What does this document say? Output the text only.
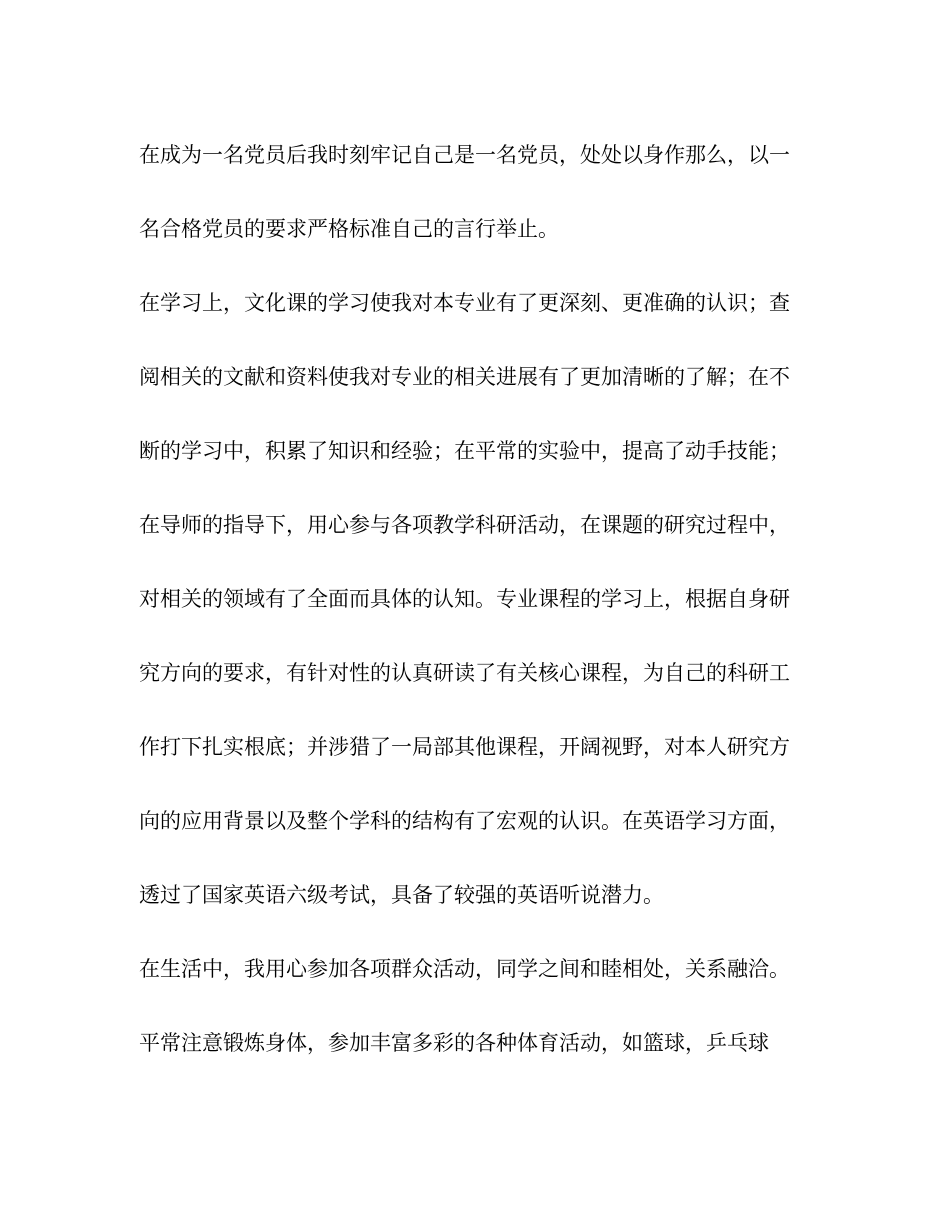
在成为一名党员后我时刻牢记自己是一名党员，处处以身作那么，以一
名合格党员的要求严格标准自己的言行举止。
在学习上，文化课的学习使我对本专业有了更深刻、更准确的认识；查
阅相关的文献和资料使我对专业的相关进展有了更加清晰的了解；在不
断的学习中，积累了知识和经验；在平常的实验中，提高了动手技能；
在导师的指导下，用心参与各项教学科研活动，在课题的研究过程中，
对相关的领域有了全面而具体的认知。专业课程的学习上，根据自身研
究方向的要求，有针对性的认真研读了有关核心课程，为自己的科研工
作打下扎实根底；并涉猎了一局部其他课程，开阔视野，对本人研究方
向的应用背景以及整个学科的结构有了宏观的认识。在英语学习方面，
透过了国家英语六级考试，具备了较强的英语听说潜力。
在生活中，我用心参加各项群众活动，同学之间和睦相处，关系融洽。
平常注意锻炼身体，参加丰富多彩的各种体育活动，如篮球，乒乓球
